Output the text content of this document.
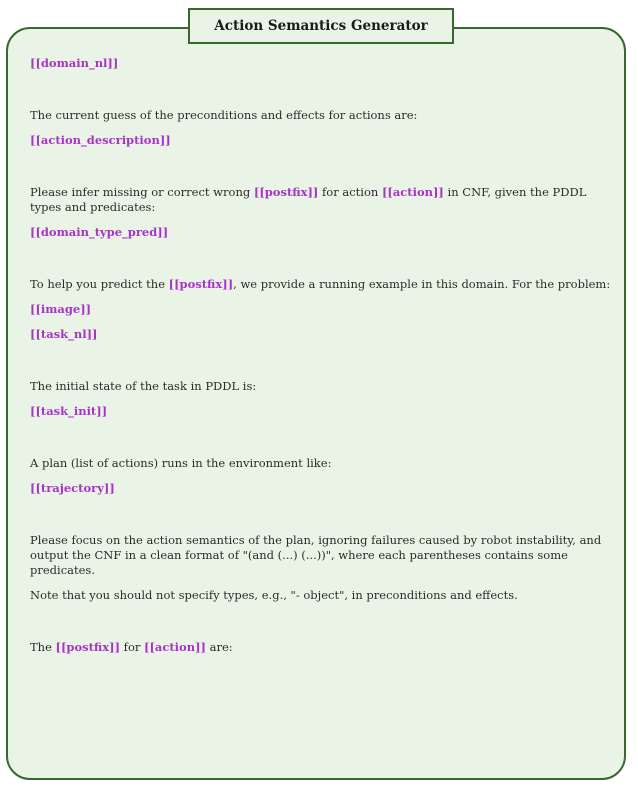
Action Semantics Generator

[[domain_nl]]

The current guess of the preconditions and effects for actions are:

[[action_description]]

Please infer missing or correct wrong [[postfix]] for action [[action]] in CNF, given the PDDL types and predicates:

[[domain_type_pred]]

To help you predict the [[postfix]], we provide a running example in this domain. For the problem:

[[image]]

[[task_nl]]

The initial state of the task in PDDL is:

[[task_init]]

A plan (list of actions) runs in the environment like:

[[trajectory]]

Please focus on the action semantics of the plan, ignoring failures caused by robot instability, and output the CNF in a clean format of "(and (...) (...))", where each parentheses contains some predicates.

Note that you should not specify types, e.g., "- object", in preconditions and effects.

The [[postfix]] for [[action]] are:
